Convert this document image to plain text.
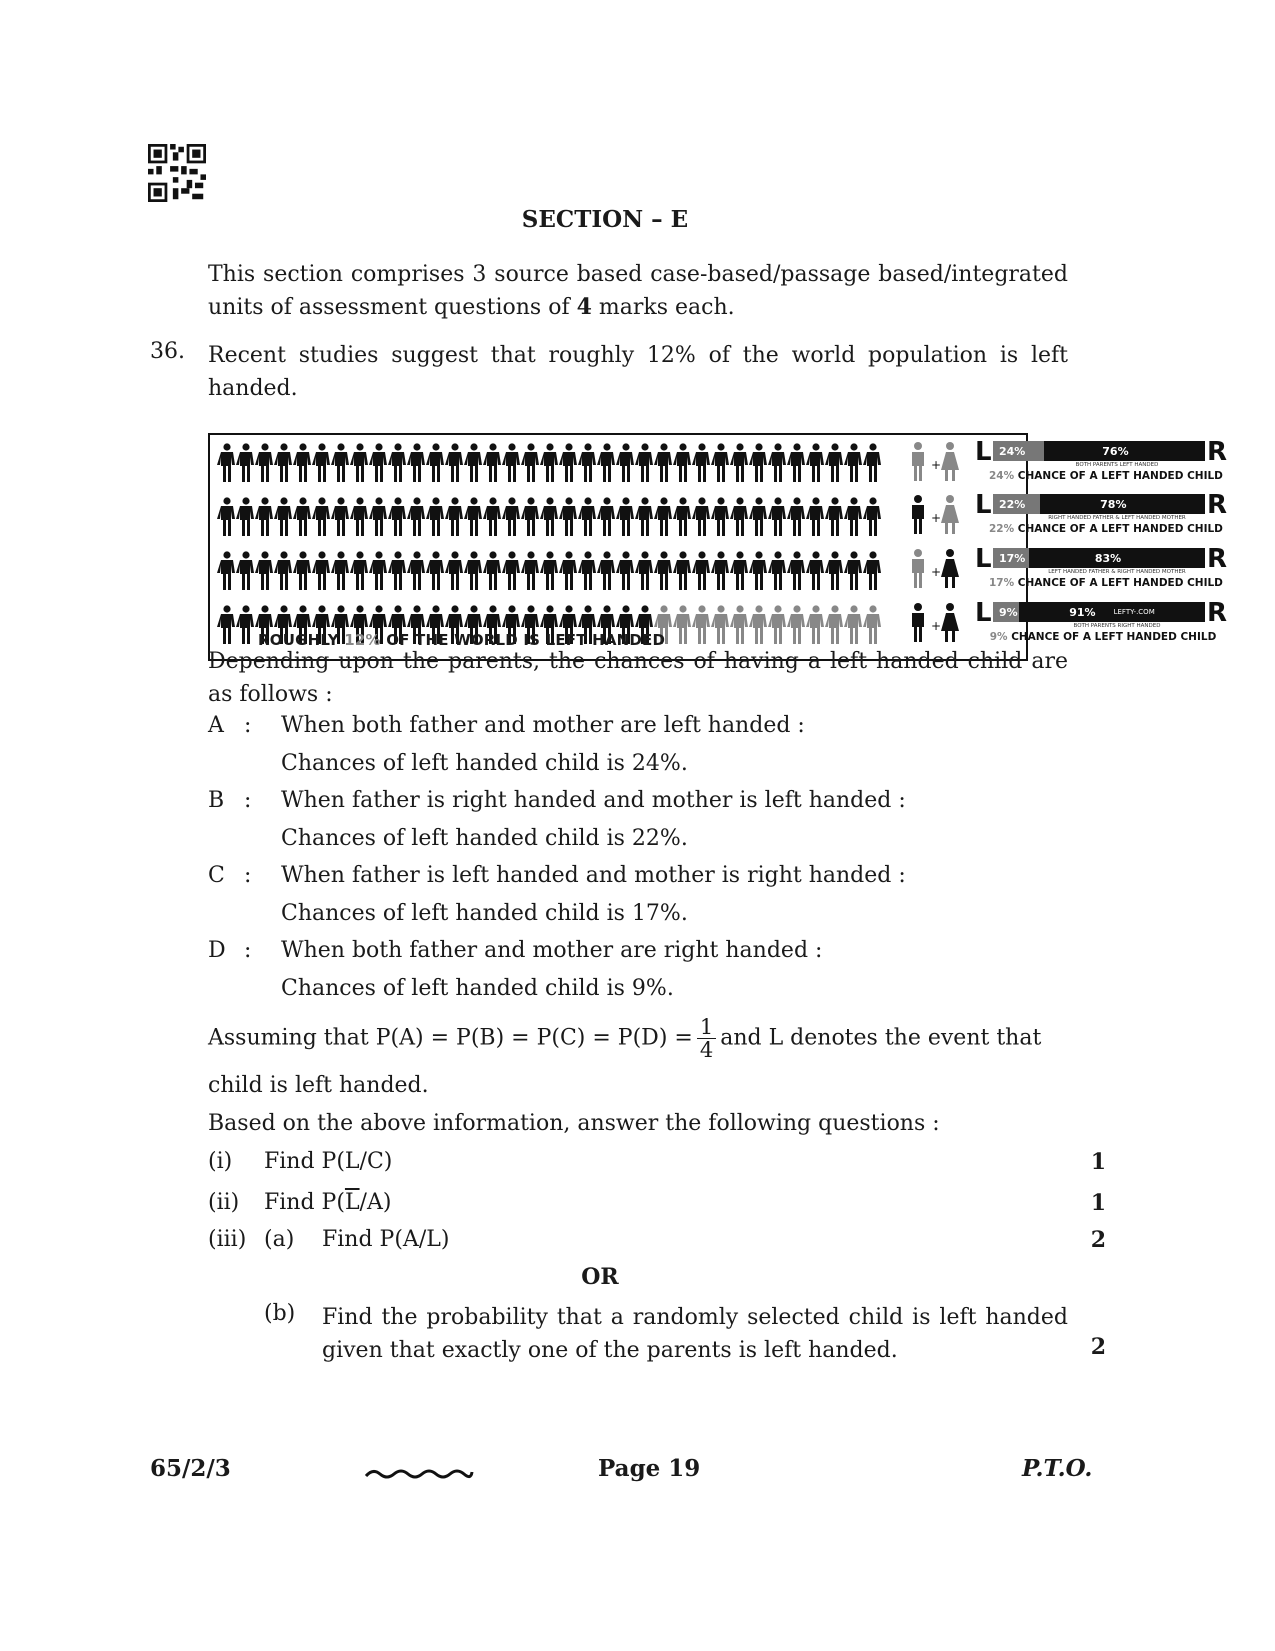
SECTION – E
This section comprises 3 source based case-based/passage based/integrated units of assessment questions of 4 marks each.
36. Recent studies suggest that roughly 12% of the world population is left handed.
ROUGHLY 12% OF THE WORLD IS LEFT HANDED
L 24%	76%	R
BOTH PARENTS LEFT HANDED
24% CHANCE OF A LEFT HANDED CHILD
L 22%	78%	R
RIGHT HANDED FATHER & LEFT HANDED MOTHER
22% CHANCE OF A LEFT HANDED CHILD
L 17%	83%	R
LEFT HANDED FATHER & RIGHT HANDED MOTHER
17% CHANCE OF A LEFT HANDED CHILD
L 9%	91%	LEFTY-.COM R
BOTH PARENTS RIGHT HANDED
9% CHANCE OF A LEFT HANDED CHILD
Depending upon the parents, the chances of having a left handed child are as follows :
A : When both father and mother are left handed :
Chances of left handed child is 24%.
B : When father is right handed and mother is left handed :
Chances of left handed child is 22%.
C : When father is left handed and mother is right handed :
Chances of left handed child is 17%.
D : When both father and mother are right handed :
Chances of left handed child is 9%.
Assuming that $P(A) = P(B) = P(C) = P(D) = \frac{1}{4}$ and L denotes the event that
child is left handed.
Based on the above information, answer the following questions :
(i) Find P(L/C)	1
(ii) Find $P(\overline{L}/A)$	1
(iii) (a) Find P(A/L)	2
OR
(b) Find the probability that a randomly selected child is left handed given that exactly one of the parents is left handed.	2
65/2/3	Page 19	P.T.O.
